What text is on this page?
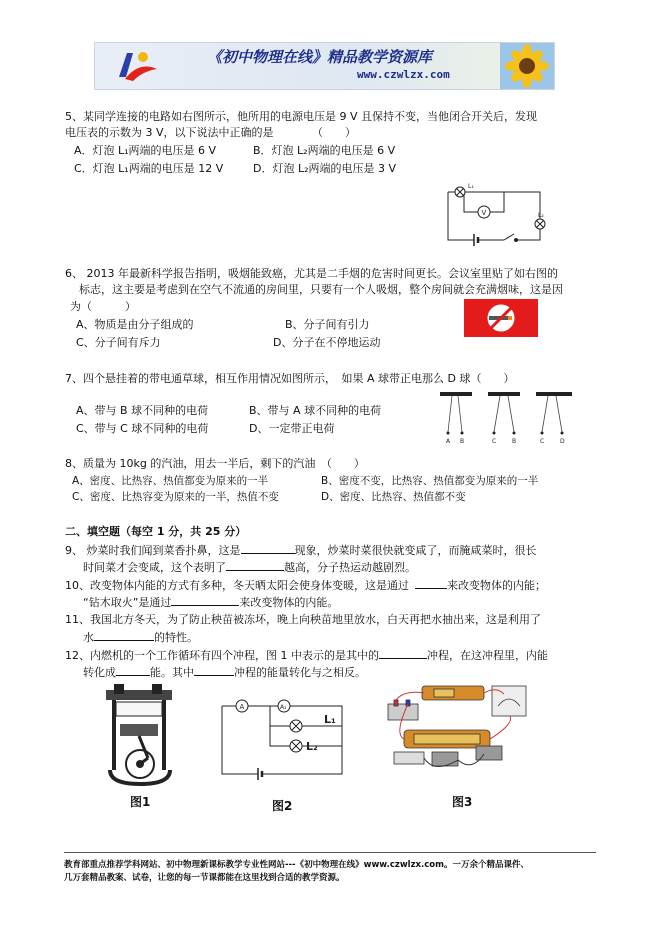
《初中物理在线》精品教学资源库
www.czwlzx.com
5、某同学连接的电路如右图所示，他所用的电源电压是 9 V 且保持不变，当他闭合开关后，发现
电压表的示数为 3 V，以下说法中正确的是　　　　（　　）
A．灯泡 L₁两端的电压是 6 V	B．灯泡 L₂两端的电压是 6 V
C．灯泡 L₁两端的电压是 12 V	D．灯泡 L₂两端的电压是 3 V
V
L₁
L₂
6、 2013 年最新科学报告指明，吸烟能致癌，尤其是二手烟的危害时间更长。会议室里贴了如右图的
标志，这主要是考虑到在空气不流通的房间里，只要有一个人吸烟，整个房间就会充满烟味，这是因
为（　　　）
A、物质是由分子组成的	B、分子间有引力
C、分子间有斥力	D、分子在不停地运动
7、四个悬挂着的带电通草球，相互作用情况如图所示，　如果 A 球带正电那么 D 球（　　）
A、带与 B 球不同种的电荷	B、带与 A 球不同种的电荷
C、带与 C 球不同种的电荷	D、一定带正电荷
A B	C	B	C	D
8、质量为 10kg 的汽油，用去一半后，剩下的汽油　（　　）
A、密度、比热容、热值都变为原来的一半	B、密度不变，比热容、热值都变为原来的一半
C、密度、比热容变为原来的一半，热值不变	D、密度、比热容、热值都不变
二、填空题（每空 1 分，共 25 分）
9、 炒菜时我们闻到菜香扑鼻，这是	现象，炒菜时菜很快就变咸了，而腌咸菜时，很长
时间菜才会变咸，这个表明了	越高，分子热运动越剧烈。
10、改变物体内能的方式有多种，冬天晒太阳会使身体变暖，这是通过	来改变物体的内能；
“钻木取火”是通过	来改变物体的内能。
11、我国北方冬天，为了防止秧苗被冻坏，晚上向秧苗地里放水，白天再把水抽出来，这是利用了
水	的特性。
12、内燃机的一个工作循环有四个冲程，图 1 中表示的是其中的	冲程，在这冲程里，内能
转化成	能。其中	冲程的能量转化与之相反。
A	A₁
L₁
L₂
图1	图2	图3
教育部重点推荐学科网站、初中物理新课标教学专业性网站---《初中物理在线》www.czwlzx.com。一万余个精品课件、
几万套精品教案、试卷，让您的每一节课都能在这里找到合适的教学资源。
